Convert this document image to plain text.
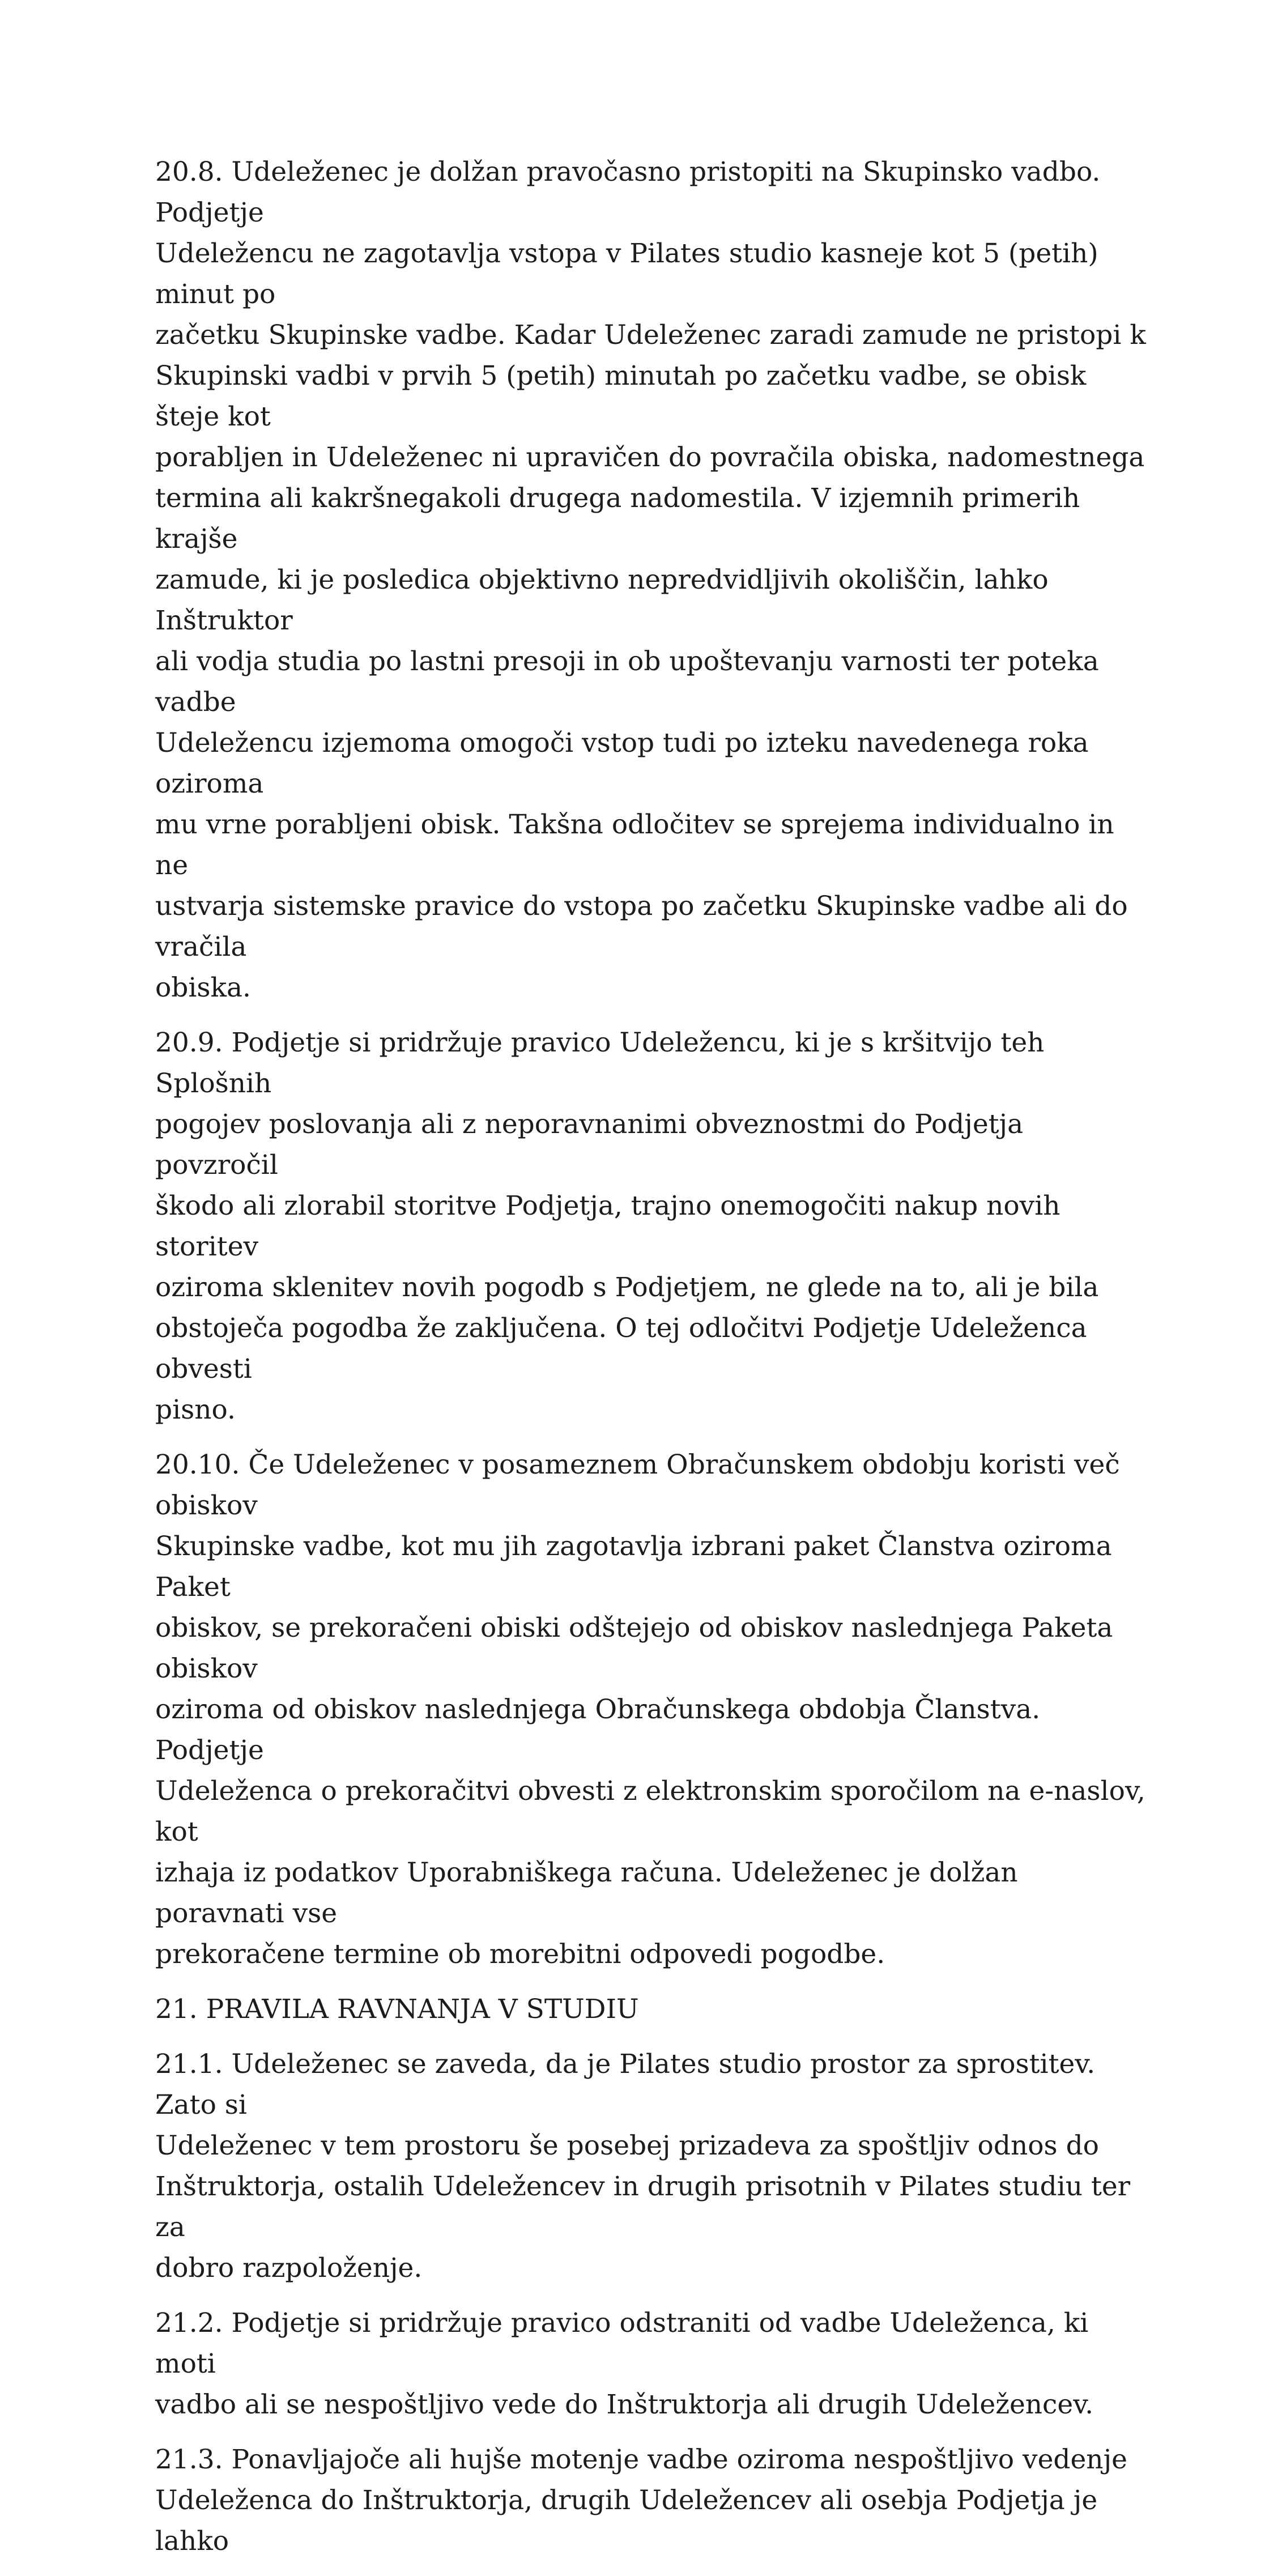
20.8. Udeleženec je dolžan pravočasno pristopiti na Skupinsko vadbo. Podjetje
Udeležencu ne zagotavlja vstopa v Pilates studio kasneje kot 5 (petih) minut po
začetku Skupinske vadbe. Kadar Udeleženec zaradi zamude ne pristopi k
Skupinski vadbi v prvih 5 (petih) minutah po začetku vadbe, se obisk šteje kot
porabljen in Udeleženec ni upravičen do povračila obiska, nadomestnega
termina ali kakršnegakoli drugega nadomestila. V izjemnih primerih krajše
zamude, ki je posledica objektivno nepredvidljivih okoliščin, lahko Inštruktor
ali vodja studia po lastni presoji in ob upoštevanju varnosti ter poteka vadbe
Udeležencu izjemoma omogoči vstop tudi po izteku navedenega roka oziroma
mu vrne porabljeni obisk. Takšna odločitev se sprejema individualno in ne
ustvarja sistemske pravice do vstopa po začetku Skupinske vadbe ali do vračila
obiska.

20.9. Podjetje si pridržuje pravico Udeležencu, ki je s kršitvijo teh Splošnih
pogojev poslovanja ali z neporavnanimi obveznostmi do Podjetja povzročil
škodo ali zlorabil storitve Podjetja, trajno onemogočiti nakup novih storitev
oziroma sklenitev novih pogodb s Podjetjem, ne glede na to, ali je bila
obstoječa pogodba že zaključena. O tej odločitvi Podjetje Udeleženca obvesti
pisno.

20.10. Če Udeleženec v posameznem Obračunskem obdobju koristi več obiskov
Skupinske vadbe, kot mu jih zagotavlja izbrani paket Članstva oziroma Paket
obiskov, se prekoračeni obiski odštejejo od obiskov naslednjega Paketa obiskov
oziroma od obiskov naslednjega Obračunskega obdobja Članstva. Podjetje
Udeleženca o prekoračitvi obvesti z elektronskim sporočilom na e-naslov, kot
izhaja iz podatkov Uporabniškega računa. Udeleženec je dolžan poravnati vse
prekoračene termine ob morebitni odpovedi pogodbe.

21. PRAVILA RAVNANJA V STUDIU

21.1. Udeleženec se zaveda, da je Pilates studio prostor za sprostitev. Zato si
Udeleženec v tem prostoru še posebej prizadeva za spoštljiv odnos do
Inštruktorja, ostalih Udeležencev in drugih prisotnih v Pilates studiu ter za
dobro razpoloženje.

21.2. Podjetje si pridržuje pravico odstraniti od vadbe Udeleženca, ki moti
vadbo ali se nespoštljivo vede do Inštruktorja ali drugih Udeležencev.

21.3. Ponavljajoče ali hujše motenje vadbe oziroma nespoštljivo vedenje
Udeleženca do Inštruktorja, drugih Udeležencev ali osebja Podjetja je lahko
